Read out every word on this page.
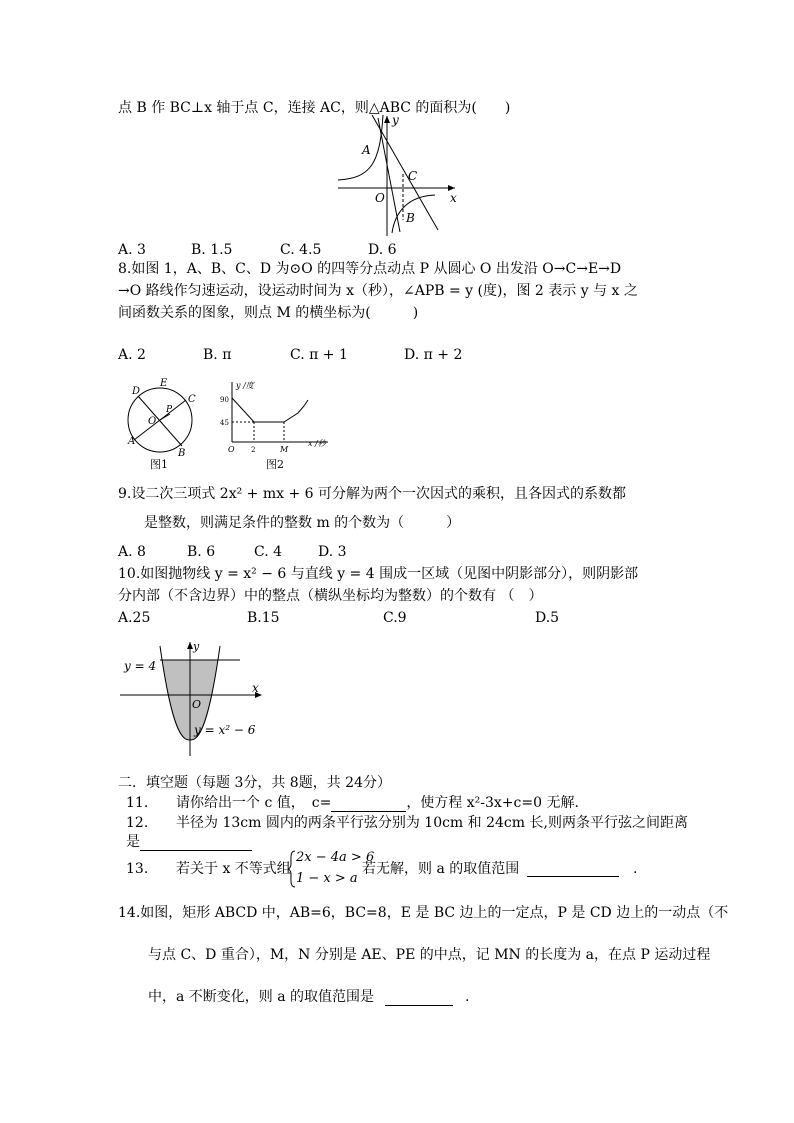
点 B 作 BC⊥x 轴于点 C，连接 AC，则△ABC 的面积为(　　)
y
x
A
O
C
B
A. 3	B. 1.5	C. 4.5	D. 6
8.如图 1，A、B、C、D 为⊙O 的四等分点动点 P 从圆心 O 出发沿 O→C→E→D
→O 路线作匀速运动，设运动时间为 x（秒），∠APB = y (度)，图 2 表示 y 与 x 之
间函数关系的图象，则点 M 的横坐标为(　　　)
A. 2	B. π	C. π + 1	D. π + 2
D
E
C
P
O
A
B
图1
y /度
x /秒
90
45
O 2	M
图2
9.设二次三项式 2x² + mx + 6 可分解为两个一次因式的乘积，且各因式的系数都
是整数，则满足条件的整数 m 的个数为（　　　）
A. 8	B. 6	C. 4	D. 3
10.如图抛物线 y = x² − 6 与直线 y = 4 围成一区域（见图中阴影部分），则阴影部
分内部（不含边界）中的整点（横纵坐标均为整数）的个数有 （　）
A.25	B.15	C.9	D.5
y = 4
y
x
O
y = x² − 6
二．填空题（每题 3分，共 8题，共 24分）
11. 请你给出一个 c 值，　c=	，使方程 x²-3x+c=0 无解.
12. 半径为 13cm 圆内的两条平行弦分别为 10cm 和 24cm 长,则两条平行弦之间距离
是
13. 若关于 x 不等式组
2x − 4a > 6
1 − x > a
若无解，则 a 的取值范围	.
14.如图，矩形 ABCD 中，AB=6，BC=8，E 是 BC 边上的一定点，P 是 CD 边上的一动点（不
与点 C、D 重合），M，N 分别是 AE、PE 的中点，记 MN 的长度为 a，在点 P 运动过程
中，a 不断变化，则 a 的取值范围是	.
